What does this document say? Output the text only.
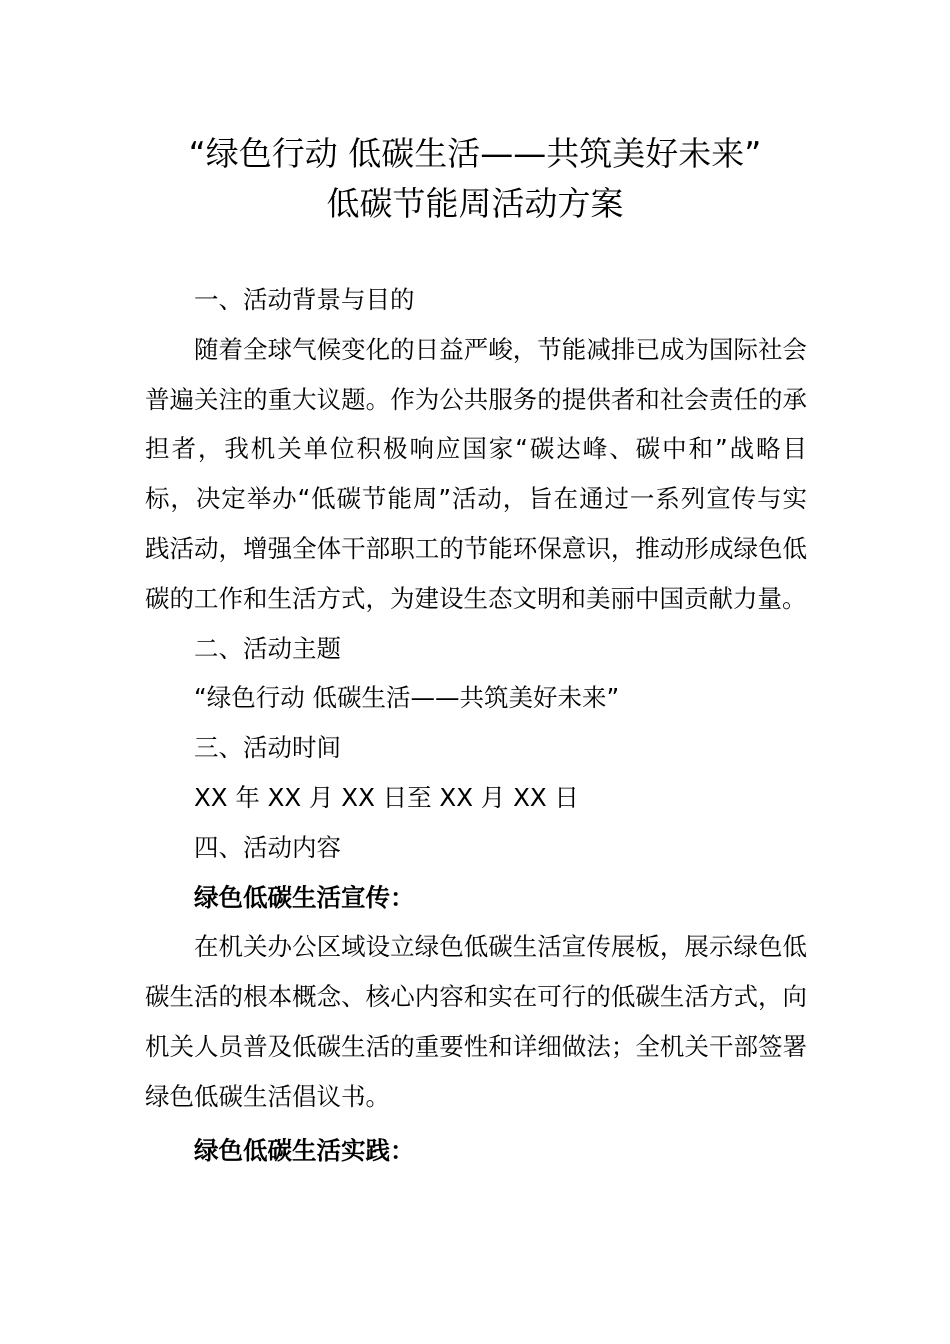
“绿色行动 低碳生活——共筑美好未来”
低碳节能周活动方案

一、活动背景与目的

随着全球气候变化的日益严峻，节能减排已成为国际社会普遍关注的重大议题。作为公共服务的提供者和社会责任的承担者，我机关单位积极响应国家“碳达峰、碳中和”战略目标，决定举办“低碳节能周”活动，旨在通过一系列宣传与实践活动，增强全体干部职工的节能环保意识，推动形成绿色低碳的工作和生活方式，为建设生态文明和美丽中国贡献力量。

二、活动主题

“绿色行动 低碳生活——共筑美好未来”

三、活动时间

XX 年 XX 月 XX 日至 XX 月 XX 日

四、活动内容

绿色低碳生活宣传：

在机关办公区域设立绿色低碳生活宣传展板，展示绿色低碳生活的根本概念、核心内容和实在可行的低碳生活方式，向机关人员普及低碳生活的重要性和详细做法；全机关干部签署绿色低碳生活倡议书。

绿色低碳生活实践：
